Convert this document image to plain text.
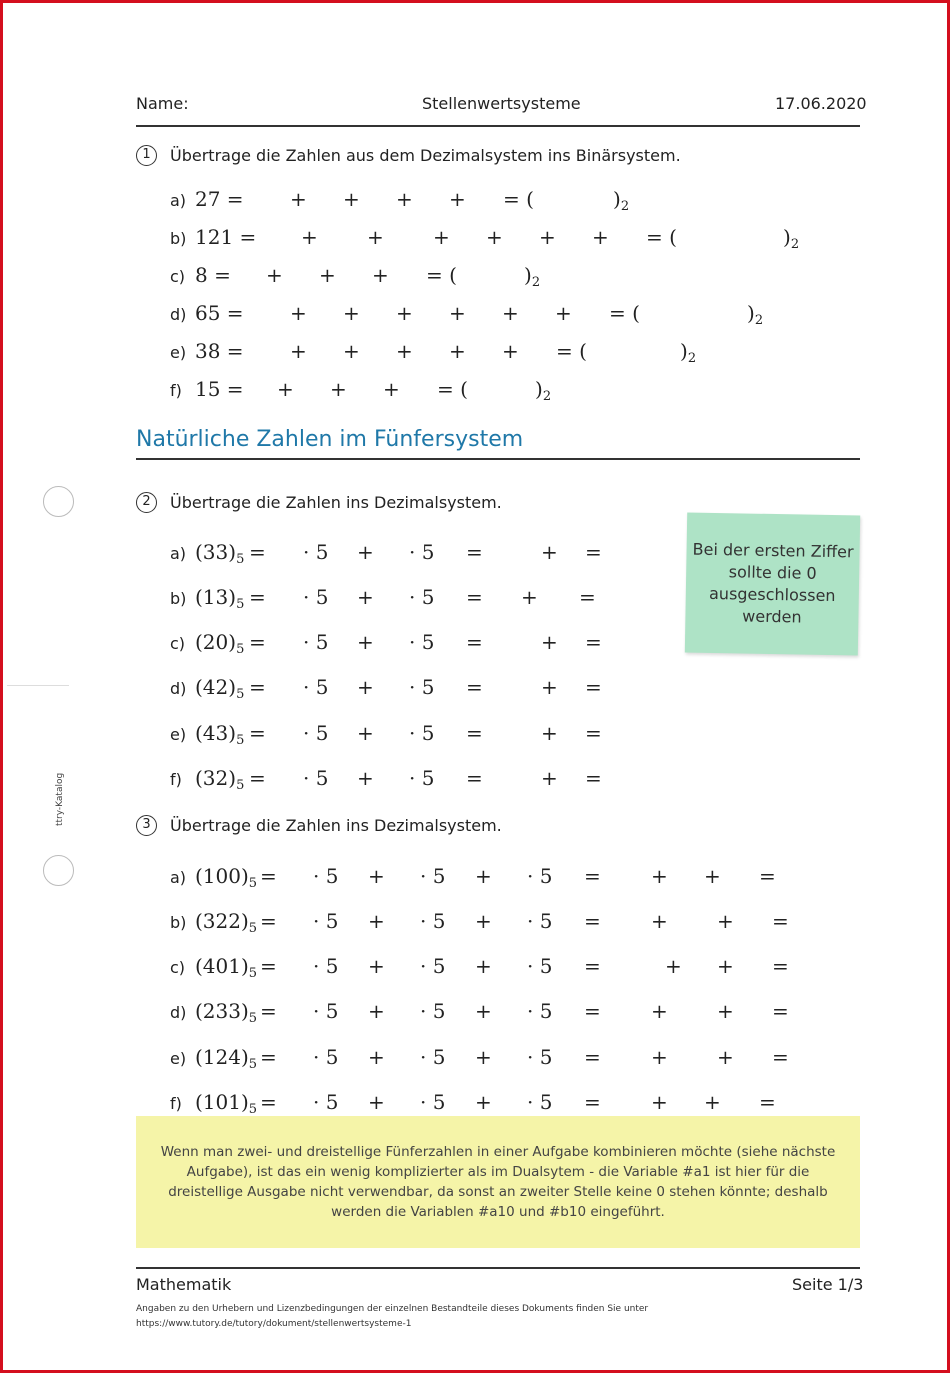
Name:	Stellenwertsysteme	17.06.2020
ttry-Katalog
1	Übertrage die Zahlen aus dem Dezimalsystem ins Binärsystem.
Natürliche Zahlen im Fünfersystem
2	Übertrage die Zahlen ins Dezimalsystem.
Bei der ersten Ziffer sollte die 0 ausgeschlossen werden
3	Übertrage die Zahlen ins Dezimalsystem.
Wenn man zwei- und dreistellige Fünferzahlen in einer Aufgabe kombinieren möchte (siehe nächste Aufgabe), ist das ein wenig komplizierter als im Dualsytem - die Variable #a1 ist hier für die dreistellige Ausgabe nicht verwendbar, da sonst an zweiter Stelle keine 0 stehen könnte; deshalb werden die Variablen #a10 und #b10 eingeführt.
Mathematik	Seite 1/3
Angaben zu den Urhebern und Lizenzbedingungen der einzelnen Bestandteile dieses Dokuments finden Sie unter
https://www.tutory.de/tutory/dokument/stellenwertsysteme-1
a) 27 = + + + + = (	)$_2$
b) 121 = + + + + + + = (	)$_2$
c) 8 = + + + = (	)$_2$
d) 65 = + + + + + + = (	)$_2$
e) 38 = + + + + + = (	)$_2$
f) 15 = + + + = (	)$_2$
a) $(33)_5$ = · 5 + · 5 =	+ =
b) $(13)_5$ = · 5 + · 5 = + =
c) $(20)_5$ = · 5 + · 5 =	+ =
d) $(42)_5$ = · 5 + · 5 =	+ =
e) $(43)_5$ = · 5 + · 5 =	+ =
f) $(32)_5$ = · 5 + · 5 =	+ =
a) $(100)_5$ = · 5 + · 5 + · 5 =	+ + =
b) $(322)_5$ = · 5 + · 5 + · 5 =	+ + =
c) $(401)_5$ = · 5 + · 5 + · 5 =	+ + =
d) $(233)_5$ = · 5 + · 5 + · 5 =	+ + =
e) $(124)_5$ = · 5 + · 5 + · 5 =	+ + =
f) $(101)_5$ = · 5 + · 5 + · 5 =	+ + =
